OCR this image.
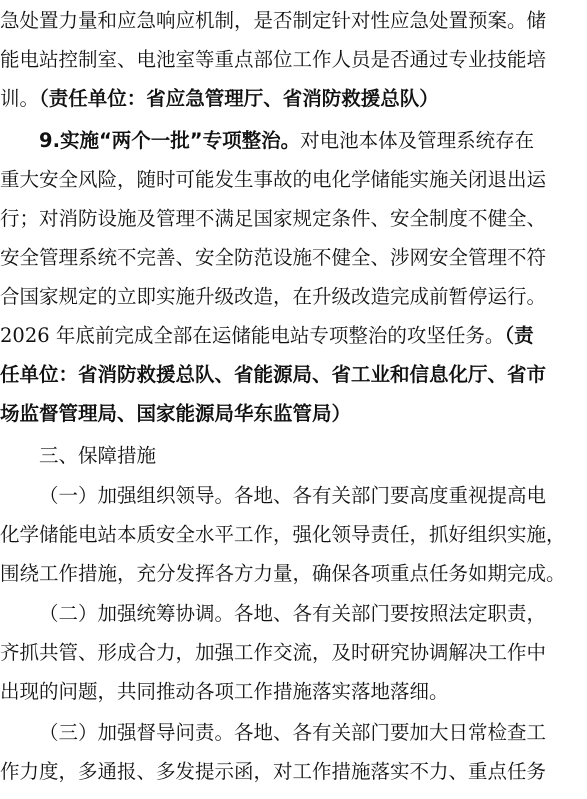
急处置力量和应急响应机制，是否制定针对性应急处置预案。储
能电站控制室、电池室等重点部位工作人员是否通过专业技能培
训。（责任单位：省应急管理厅、省消防救援总队）
9.实施“两个一批”专项整治。对电池本体及管理系统存在
重大安全风险，随时可能发生事故的电化学储能实施关闭退出运
行；对消防设施及管理不满足国家规定条件、安全制度不健全、
安全管理系统不完善、安全防范设施不健全、涉网安全管理不符
合国家规定的立即实施升级改造，在升级改造完成前暂停运行。
2026 年底前完成全部在运储能电站专项整治的攻坚任务。（责
任单位：省消防救援总队、省能源局、省工业和信息化厅、省市
场监督管理局、国家能源局华东监管局）
三、保障措施
（一）加强组织领导。各地、各有关部门要高度重视提高电
化学储能电站本质安全水平工作，强化领导责任，抓好组织实施，
围绕工作措施，充分发挥各方力量，确保各项重点任务如期完成。
（二）加强统筹协调。各地、各有关部门要按照法定职责，
齐抓共管、形成合力，加强工作交流，及时研究协调解决工作中
出现的问题，共同推动各项工作措施落实落地落细。
（三）加强督导问责。各地、各有关部门要加大日常检查工
作力度，多通报、多发提示函，对工作措施落实不力、重点任务
